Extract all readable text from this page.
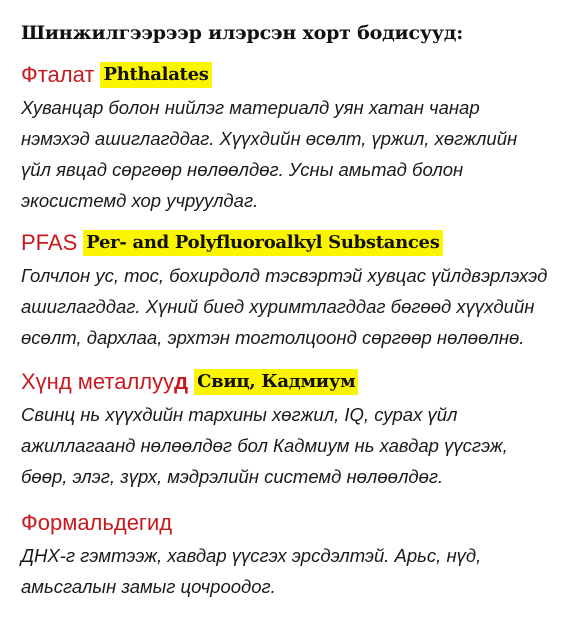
Шинжилгээрээр илэрсэн хорт бодисууд:
Фталат Phthalates
Хуванцар болон нийлэг материалд уян хатан чанар
нэмэхэд ашиглагддаг. Хүүхдийн өсөлт, үржил, хөгжлийн
үйл явцад сөргөөр нөлөөлдөг. Усны амьтад болон
экосистемд хор учруулдаг.
PFAS Per- and Polyfluoroalkyl Substances
Голчлон ус, тос, бохирдолд тэсвэртэй хувцас үйлдвэрлэхэд
ашиглагддаг. Хүний биед хуримтлагддаг бөгөөд хүүхдийн
өсөлт, дархлаа, эрхтэн тогтолцоонд сөргөөр нөлөөлнө.
Хүнд металлууд Свиц, Кадмиум
Свинц нь хүүхдийн тархины хөгжил, IQ, сурах үйл
ажиллагаанд нөлөөлдөг бол Кадмиум нь хавдар үүсгэж,
бөөр, элэг, зүрх, мэдрэлийн системд нөлөөлдөг.
Формальдегид
ДНХ-г гэмтээж, хавдар үүсгэх эрсдэлтэй. Арьс, нүд,
амьсгалын замыг цочроодог.
